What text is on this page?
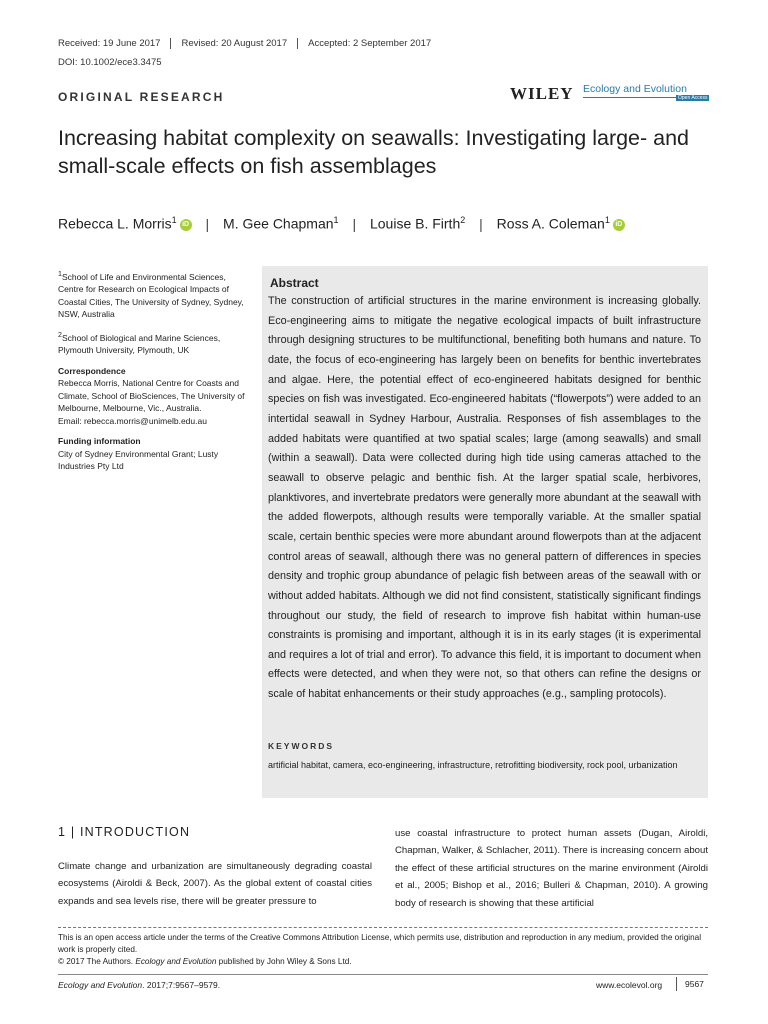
Received: 19 June 2017	Revised: 20 August 2017	Accepted: 2 September 2017
DOI: 10.1002/ece3.3475
ORIGINAL RESEARCH	WILEY Ecology and Evolution
Open Access
Increasing habitat complexity on seawalls: Investigating large- and small-scale effects on fish assemblages
Rebecca L. Morris$^1$ iD | M. Gee Chapman$^1$ | Louise B. Firth$^2$ | Ross A. Coleman$^1$ iD

$^1$School of Life and Environmental Sciences, Centre for Research on Ecological Impacts of Coastal Cities, The University of Sydney, Sydney, NSW, Australia

$^2$School of Biological and Marine Sciences, Plymouth University, Plymouth, UK

Correspondence

Rebecca Morris, National Centre for Coasts and Climate, School of BioSciences, The University of Melbourne, Melbourne, Vic., Australia.

Email: rebecca.morris@unimelb.edu.au

Funding information

City of Sydney Environmental Grant; Lusty Industries Pty Ltd

Abstract
The construction of artificial structures in the marine environment is increasing globally. Eco-engineering aims to mitigate the negative ecological impacts of built infrastructure through designing structures to be multifunctional, benefiting both humans and nature. To date, the focus of eco-engineering has largely been on benefits for benthic invertebrates and algae. Here, the potential effect of eco-engineered habitats designed for benthic species on fish was investigated. Eco-engineered habitats (“flowerpots”) were added to an intertidal seawall in Sydney Harbour, Australia. Responses of fish assemblages to the added habitats were quantified at two spatial scales; large (among seawalls) and small (within a seawall). Data were collected during high tide using cameras attached to the seawall to observe pelagic and benthic fish. At the larger spatial scale, herbivores, planktivores, and invertebrate predators were generally more abundant at the seawall with the added flowerpots, although results were temporally variable. At the smaller spatial scale, certain benthic species were more abundant around flowerpots than at the adjacent control areas of seawall, although there was no general pattern of differences in species density and trophic group abundance of pelagic fish between areas of the seawall with or without added habitats. Although we did not find consistent, statistically significant findings throughout our study, the field of research to improve fish habitat within human-use constraints is promising and important, although it is in its early stages (it is experimental and requires a lot of trial and error). To advance this field, it is important to document when effects were detected, and when they were not, so that others can refine the designs or scale of habitat enhancements or their study approaches (e.g., sampling protocols).
KEYWORDS
artificial habitat, camera, eco-engineering, infrastructure, retrofitting biodiversity, rock pool, urbanization
1 | INTRODUCTION
Climate change and urbanization are simultaneously degrading coastal ecosystems (Airoldi & Beck, 2007). As the global extent of coastal cities expands and sea levels rise, there will be greater pressure to
use coastal infrastructure to protect human assets (Dugan, Airoldi, Chapman, Walker, & Schlacher, 2011). There is increasing concern about the effect of these artificial structures on the marine environment (Airoldi et al., 2005; Bishop et al., 2016; Bulleri & Chapman, 2010). A growing body of research is showing that these artificial
This is an open access article under the terms of the Creative Commons Attribution License, which permits use, distribution and reproduction in any medium, provided the original work is properly cited.
© 2017 The Authors. Ecology and Evolution published by John Wiley & Sons Ltd.
Ecology and Evolution. 2017;7:9567–9579.	www.ecolevol.org	9567
